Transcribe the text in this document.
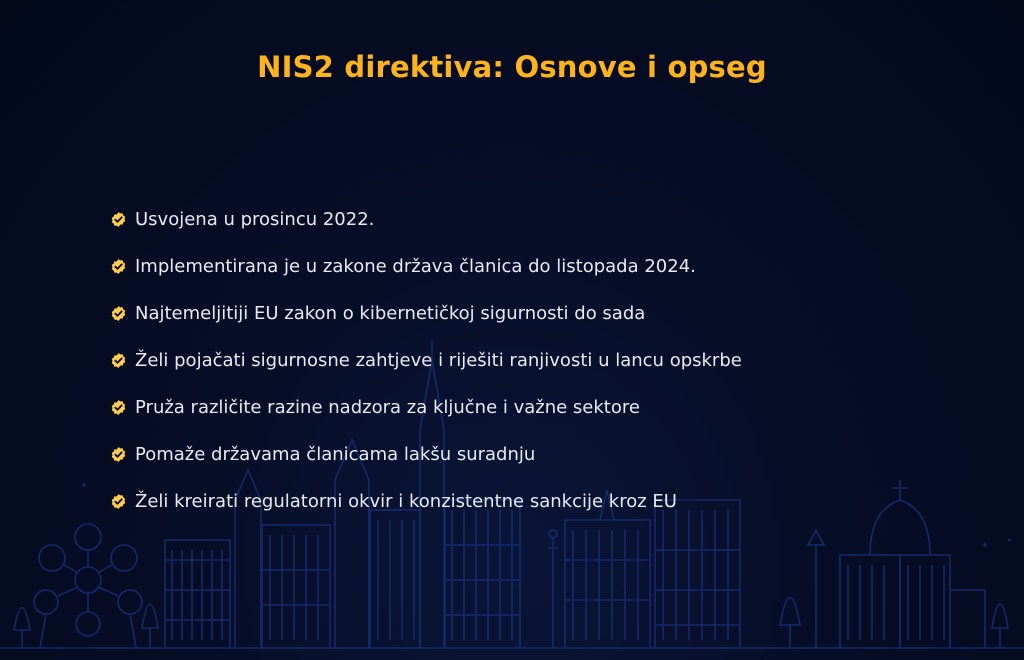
NIS2 direktiva: Osnove i opseg
Usvojena u prosincu 2022.
Implementirana je u zakone država članica do listopada 2024.
Najtemeljitiji EU zakon o kibernetičkoj sigurnosti do sada
Želi pojačati sigurnosne zahtjeve i riješiti ranjivosti u lancu opskrbe
Pruža različite razine nadzora za ključne i važne sektore
Pomaže državama članicama lakšu suradnju
Želi kreirati regulatorni okvir i konzistentne sankcije kroz EU
